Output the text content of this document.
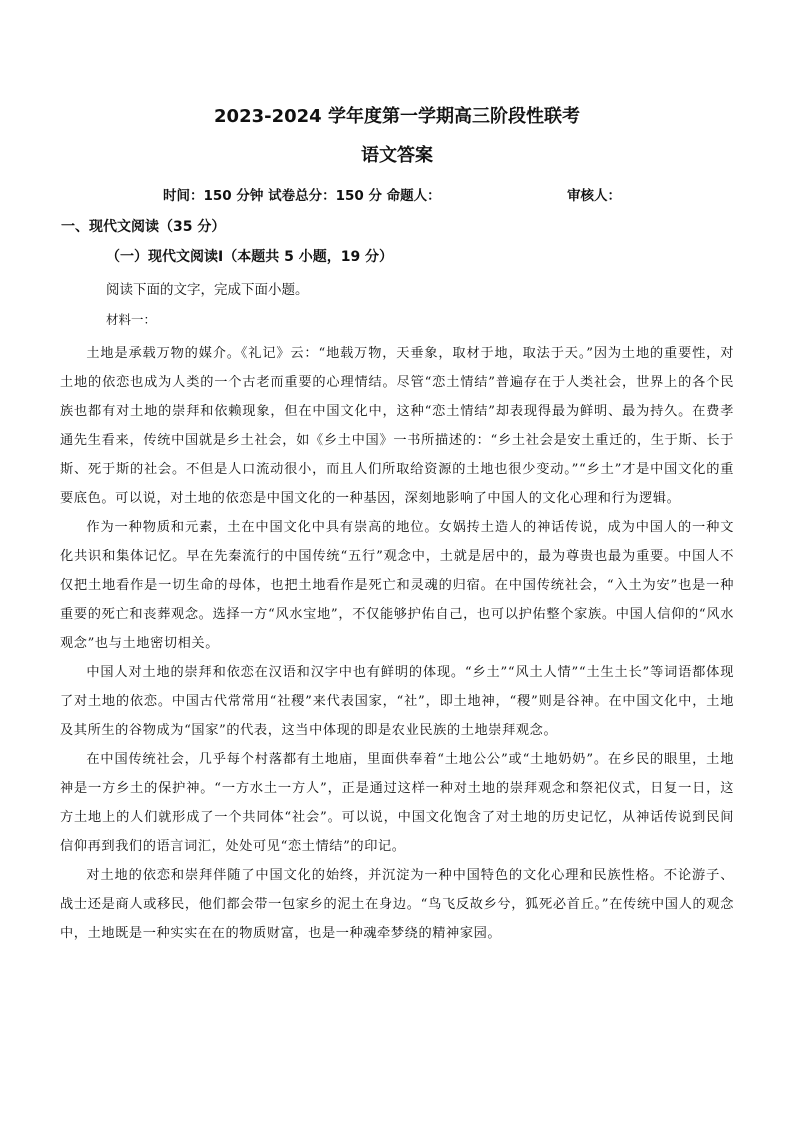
2023-2024 学年度第一学期高三阶段性联考
语文答案
时间：150 分钟 试卷总分：150 分 命题人：	审核人：
一、现代文阅读（35 分）
（一）现代文阅读Ⅰ（本题共 5 小题，19 分）
阅读下面的文字，完成下面小题。
材料一：

土地是承载万物的媒介。《礼记》云：“地载万物，天垂象，取材于地，取法于天。”因为土地的重要性，对土地的依恋也成为人类的一个古老而重要的心理情结。尽管“恋土情结”普遍存在于人类社会，世界上的各个民族也都有对土地的崇拜和依赖现象，但在中国文化中，这种“恋土情结”却表现得最为鲜明、最为持久。在费孝通先生看来，传统中国就是乡土社会，如《乡土中国》一书所描述的：“乡土社会是安土重迁的，生于斯、长于斯、死于斯的社会。不但是人口流动很小，而且人们所取给资源的土地也很少变动。”“乡土”才是中国文化的重要底色。可以说，对土地的依恋是中国文化的一种基因，深刻地影响了中国人的文化心理和行为逻辑。

作为一种物质和元素，土在中国文化中具有崇高的地位。女娲抟土造人的神话传说，成为中国人的一种文化共识和集体记忆。早在先秦流行的中国传统“五行”观念中，土就是居中的，最为尊贵也最为重要。中国人不仅把土地看作是一切生命的母体，也把土地看作是死亡和灵魂的归宿。在中国传统社会，“入土为安”也是一种重要的死亡和丧葬观念。选择一方“风水宝地”，不仅能够护佑自己，也可以护佑整个家族。中国人信仰的“风水观念”也与土地密切相关。

中国人对土地的崇拜和依恋在汉语和汉字中也有鲜明的体现。“乡土”“风土人情”“土生土长”等词语都体现了对土地的依恋。中国古代常常用“社稷”来代表国家，“社”，即土地神，“稷”则是谷神。在中国文化中，土地及其所生的谷物成为“国家”的代表，这当中体现的即是农业民族的土地崇拜观念。

在中国传统社会，几乎每个村落都有土地庙，里面供奉着“土地公公”或“土地奶奶”。在乡民的眼里，土地神是一方乡土的保护神。“一方水土一方人”，正是通过这样一种对土地的崇拜观念和祭祀仪式，日复一日，这方土地上的人们就形成了一个共同体“社会”。可以说，中国文化饱含了对土地的历史记忆，从神话传说到民间信仰再到我们的语言词汇，处处可见“恋土情结”的印记。

对土地的依恋和崇拜伴随了中国文化的始终，并沉淀为一种中国特色的文化心理和民族性格。不论游子、战士还是商人或移民，他们都会带一包家乡的泥土在身边。“鸟飞反故乡兮，狐死必首丘。”在传统中国人的观念中，土地既是一种实实在在的物质财富，也是一种魂牵梦绕的精神家园。
